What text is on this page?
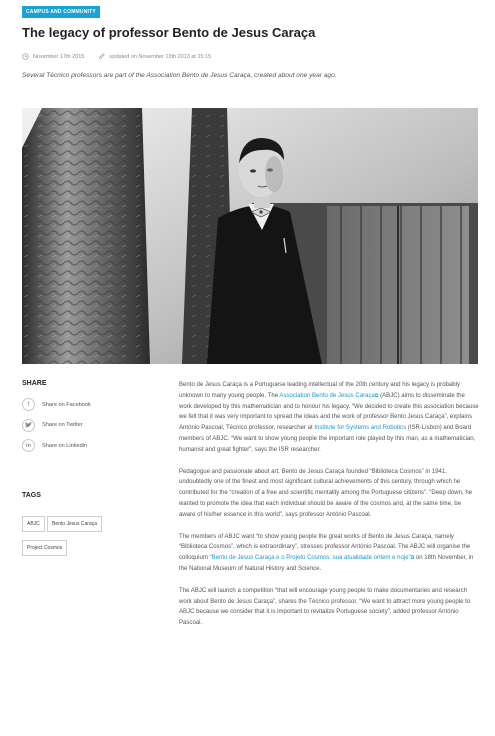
CAMPUS AND COMMUNITY
The legacy of professor Bento de Jesus Caraça
November 17th 2015	updated on November 13th 2013 at 15:15

Several Técnico professors are part of the Association Bento de Jesus Caraça, created about one year ago.

SHARE
f	Share on Facebook
Share on Twitter
in	Share on Linkedin
TAGS
ABJC	Bento Jesus Caraça
Project Cosmos

Bento de Jesus Caraça is a Portuguese leading intellectual of the 20th century and his legacy is probably unknown to many young people. The Association Bento de Jesus Caraça⧉ (ABJC) aims to disseminate the work developed by this mathematician and to honour his legacy. “We decided to create this association because we felt that it was very important to spread the ideas and the work of professor Bento Jesus Caraça”, explains António Pascoal, Técnico professor, researcher at Institute for Systems and Robotics (ISR-Lisbon) and Board members of ABJC. “We want to show young people the important role played by this man, as a mathematician, humanist and great fighter”, says the ISR researcher.

Pedagogue and passionate about art, Bento de Jesus Caraça founded “Biblioteca Cosmos” in 1941, undoubtedly one of the finest and most significant cultural achievements of this century, through which he contributed for the “creation of a free and scientific mentality among the Portuguese citizens”. “Deep down, he wanted to promote the idea that each individual should be aware of the cosmos and, at the same time, be aware of his/her essence in this world”, says professor António Pascoal.

The members of ABJC want “to show young people the great works of Bento de Jesus Caraça, namely “Biblioteca Cosmos”, which is extraordinary”, stresses professor António Pascoal. The ABJC will organise the colloquium “Bento de Jesus Caraça e o Projeto Cosmos: sua atualidade ontem e hoje”⧉ on 18th November, in the National Museum of Natural History and Science.

The ABJC will launch a competition “that will encourage young people to make documentaries and research work about Bento de Jesus Caraça”, shares the Técnico professor. “We want to attract more young people to ABJC because we consider that it is important to revitalize Portuguese society”, added professor António Pascoal.
